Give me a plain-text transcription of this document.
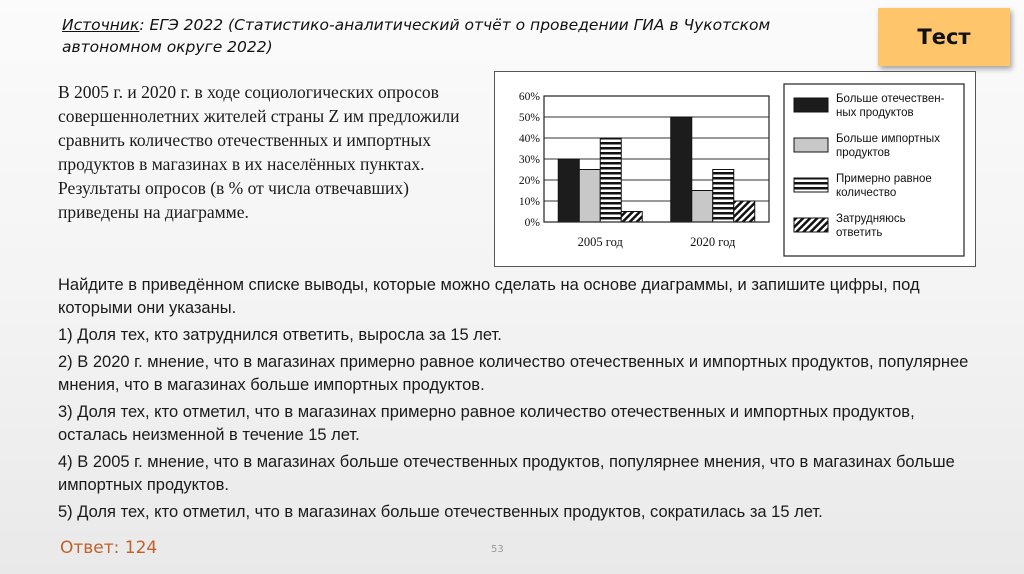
Источник: ЕГЭ 2022 (Статистико-аналитический отчёт о проведении ГИА в Чукотском автономном округе 2022)	Тест
В 2005 г. и 2020 г. в ходе социологических опросов совершеннолетних жителей страны Z им предложили сравнить количество отечественных и импортных продуктов в магазинах в их населённых пунктах. Результаты опросов (в % от числа отвечавших) приведены на диаграмме.
0%
10%
20%
30%
40%
50%
60%
2005 год	2020 год
Больше отечествен-ных продуктов
Больше импортных продуктов
Примерно равное количество
Затрудняюсь ответить

Найдите в приведённом списке выводы, которые можно сделать на основе диаграммы, и запишите цифры, под которыми они указаны.

1) Доля тех, кто затруднился ответить, выросла за 15 лет.

2) В 2020 г. мнение, что в магазинах примерно равное количество отечественных и импортных продуктов, популярнее мнения, что в магазинах больше импортных продуктов.

3) Доля тех, кто отметил, что в магазинах примерно равное количество отечественных и импортных продуктов, осталась неизменной в течение 15 лет.

4) В 2005 г. мнение, что в магазинах больше отечественных продуктов, популярнее мнения, что в магазинах больше импортных продуктов.

5) Доля тех, кто отметил, что в магазинах больше отечественных продуктов, сократилась за 15 лет.

Ответ: 124	53
